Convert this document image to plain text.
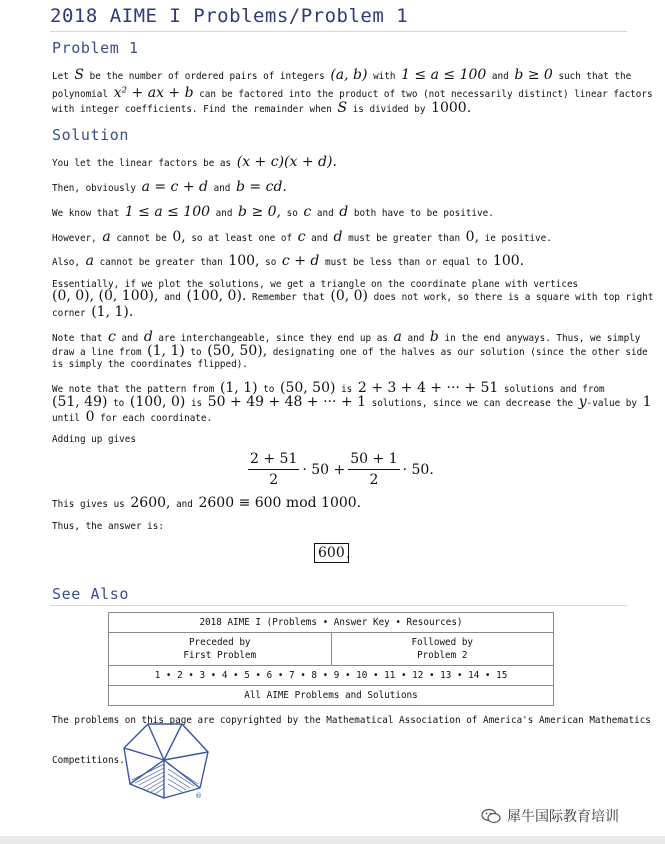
2018 AIME I Problems/Problem 1
Problem 1
Let S be the number of ordered pairs of integers (a, b) with 1 ≤ a ≤ 100 and b ≥ 0 such that the
polynomial x² + ax + b can be factored into the product of two (not necessarily distinct) linear factors
with integer coefficients. Find the remainder when S is divided by 1000.
Solution
You let the linear factors be as (x + c)(x + d).
Then, obviously a = c + d and b = cd.
We know that 1 ≤ a ≤ 100 and b ≥ 0, so c and d both have to be positive.
However, a cannot be 0, so at least one of c and d must be greater than 0, ie positive.
Also, a cannot be greater than 100, so c + d must be less than or equal to 100.
Essentially, if we plot the solutions, we get a triangle on the coordinate plane with vertices
(0, 0), (0, 100), and (100, 0). Remember that (0, 0) does not work, so there is a square with top right
corner (1, 1).
Note that c and d are interchangeable, since they end up as a and b in the end anyways. Thus, we simply
draw a line from (1, 1) to (50, 50), designating one of the halves as our solution (since the other side
is simply the coordinates flipped).
We note that the pattern from (1, 1) to (50, 50) is 2 + 3 + 4 + ··· + 51 solutions and from
(51, 49) to (100, 0) is 50 + 49 + 48 + ··· + 1 solutions, since we can decrease the y-value by 1
until 0 for each coordinate.
Adding up gives
$\frac{2 + 51}{2} \cdot 50 + \frac{50 + 1}{2} \cdot 50$.
This gives us 2600, and 2600 ≡ 600 mod 1000.
Thus, the answer is:
600 .
See Also
2018 AIME I (Problems • Answer Key • Resources)

Preceded by
First Problem

Followed by
Problem 2

1 • 2 • 3 • 4 • 5 • 6 • 7 • 8 • 9 • 10 • 11 • 12 • 13 • 14 • 15
All AIME Problems and Solutions
The problems on this page are copyrighted by the Mathematical Association of America's American Mathematics
Competitions.
®
犀牛国际教育培训
